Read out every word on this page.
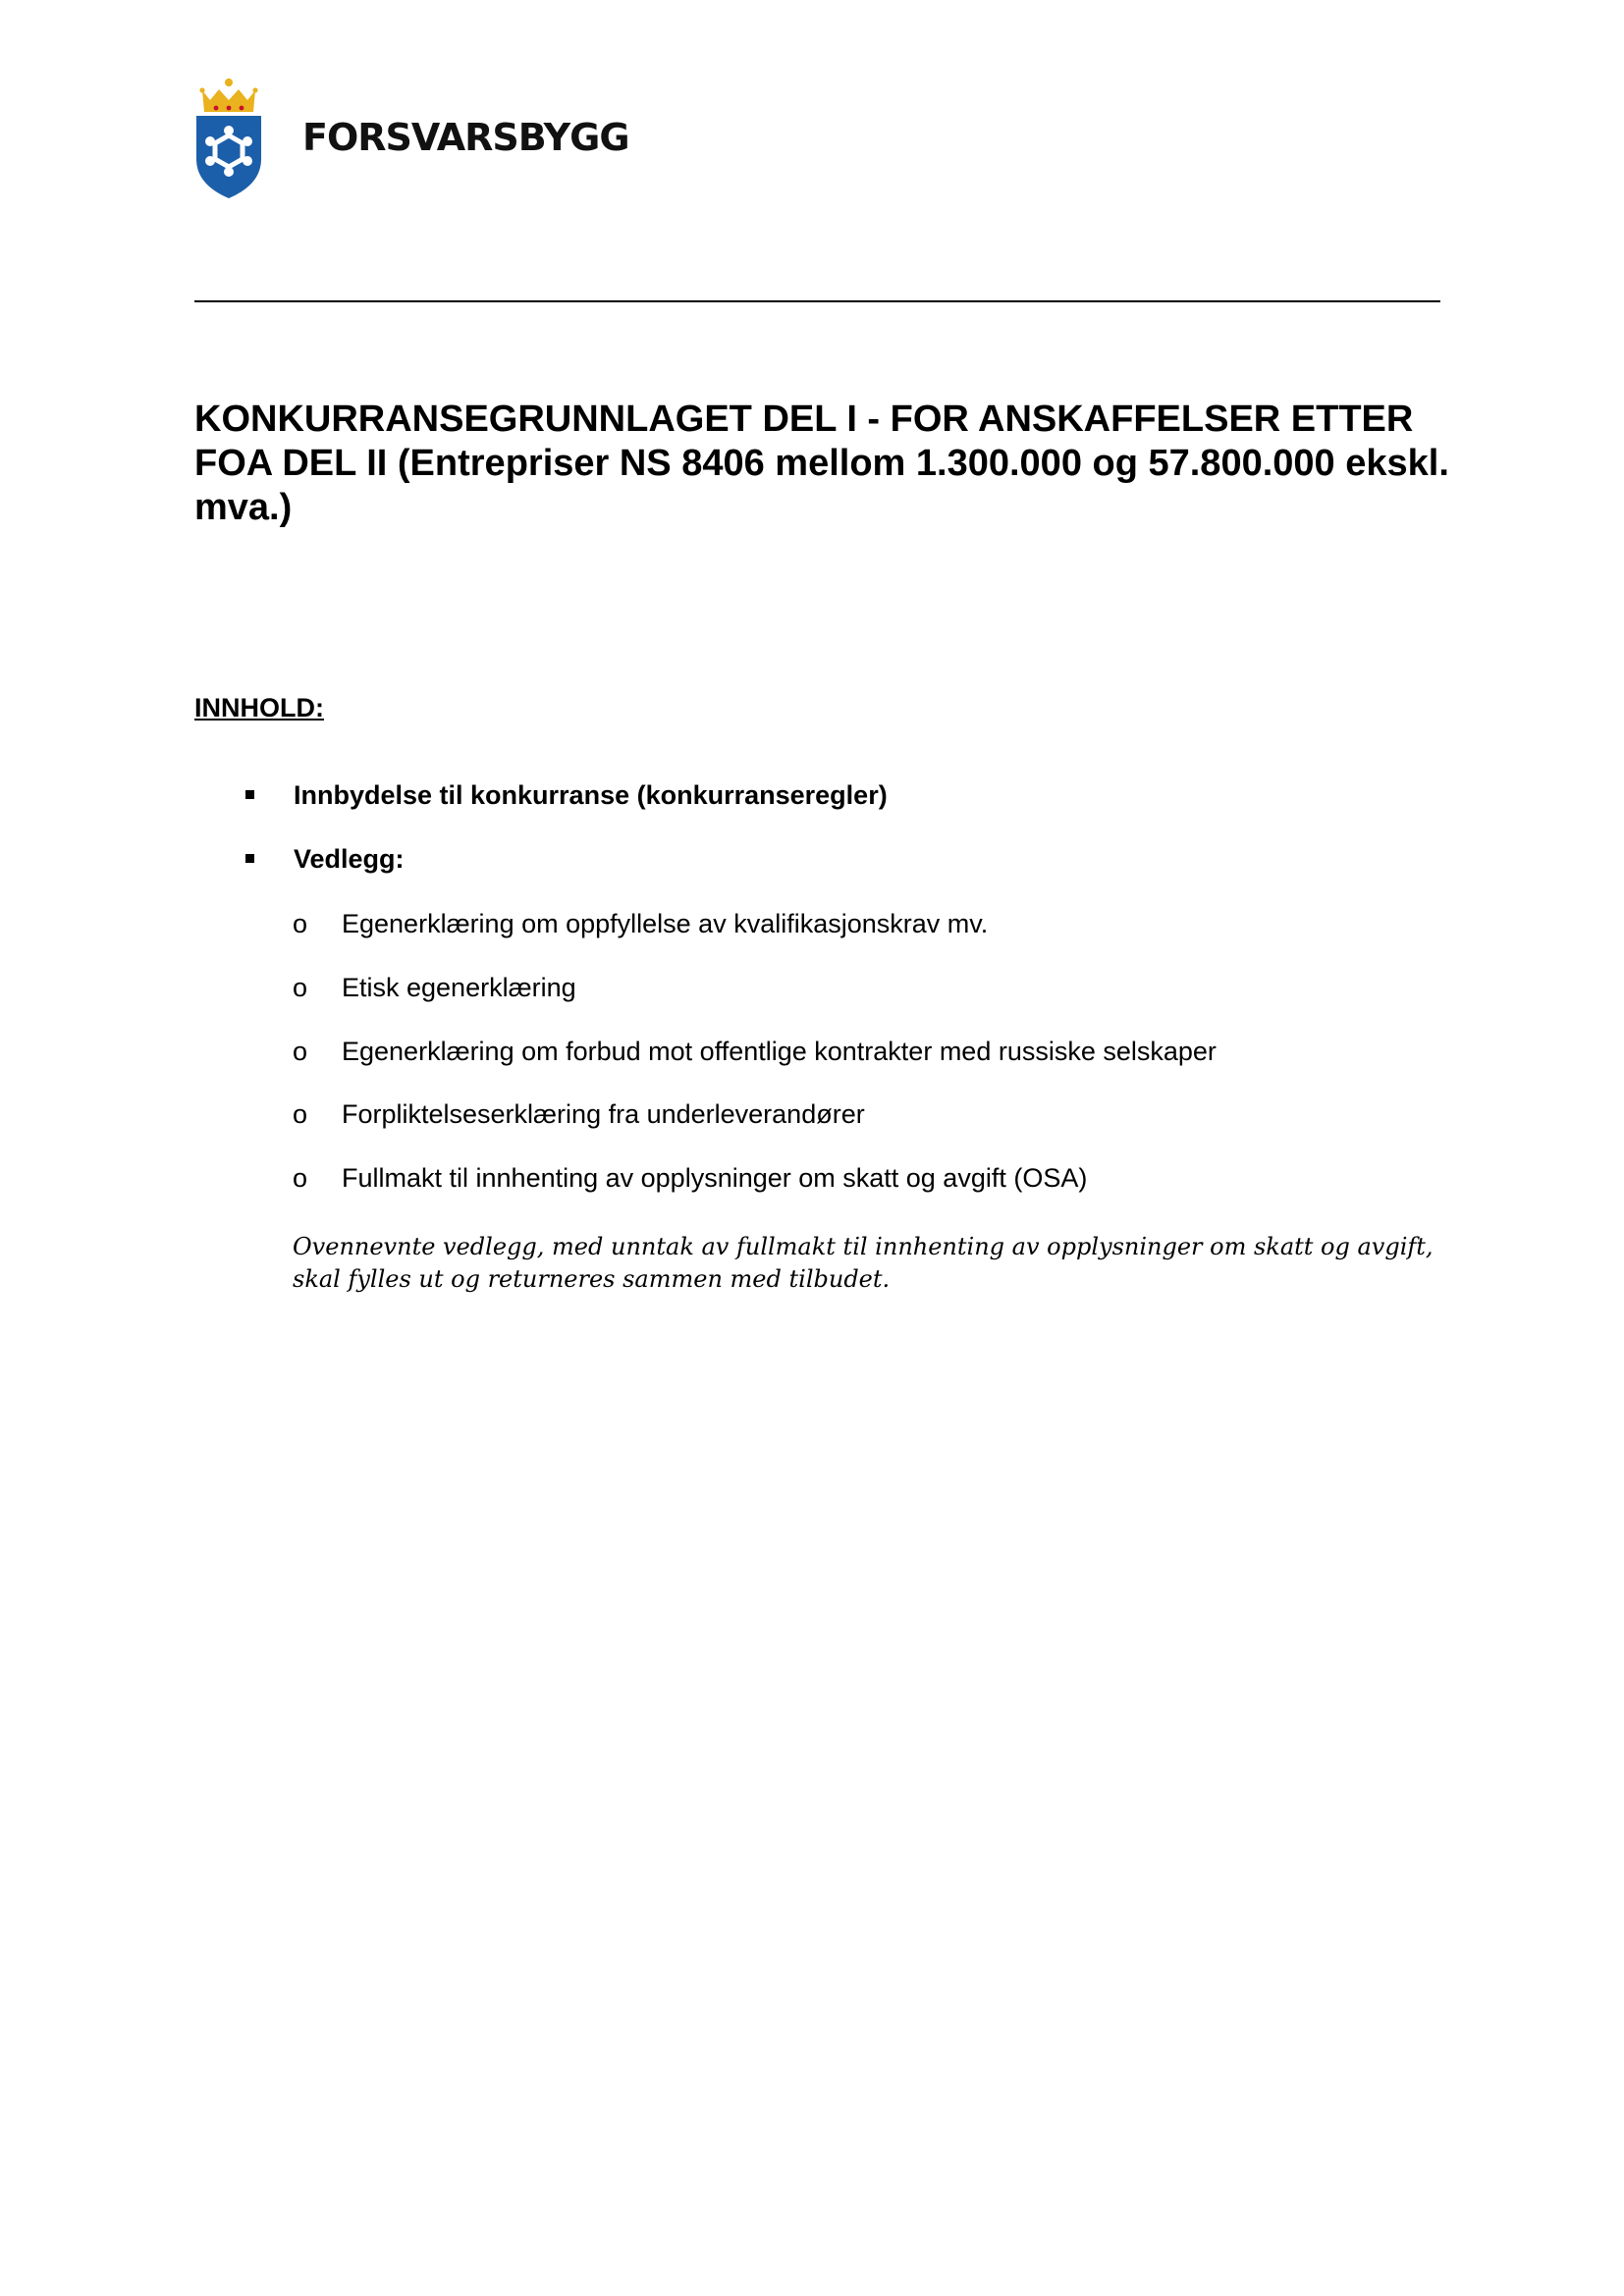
FORSVARSBYGG
KONKURRANSEGRUNNLAGET DEL I - FOR ANSKAFFELSER ETTER FOA DEL II (Entrepriser NS 8406 mellom 1.300.000 og 57.800.000 ekskl. mva.)
INNHOLD:
Innbydelse til konkurranse (konkurranseregler)
Vedlegg:
o Egenerklæring om oppfyllelse av kvalifikasjonskrav mv.
o Etisk egenerklæring
o Egenerklæring om forbud mot offentlige kontrakter med russiske selskaper
o Forpliktelseserklæring fra underleverandører
o Fullmakt til innhenting av opplysninger om skatt og avgift (OSA)

Ovennevnte vedlegg, med unntak av fullmakt til innhenting av opplysninger om skatt og avgift, skal fylles ut og returneres sammen med tilbudet.
